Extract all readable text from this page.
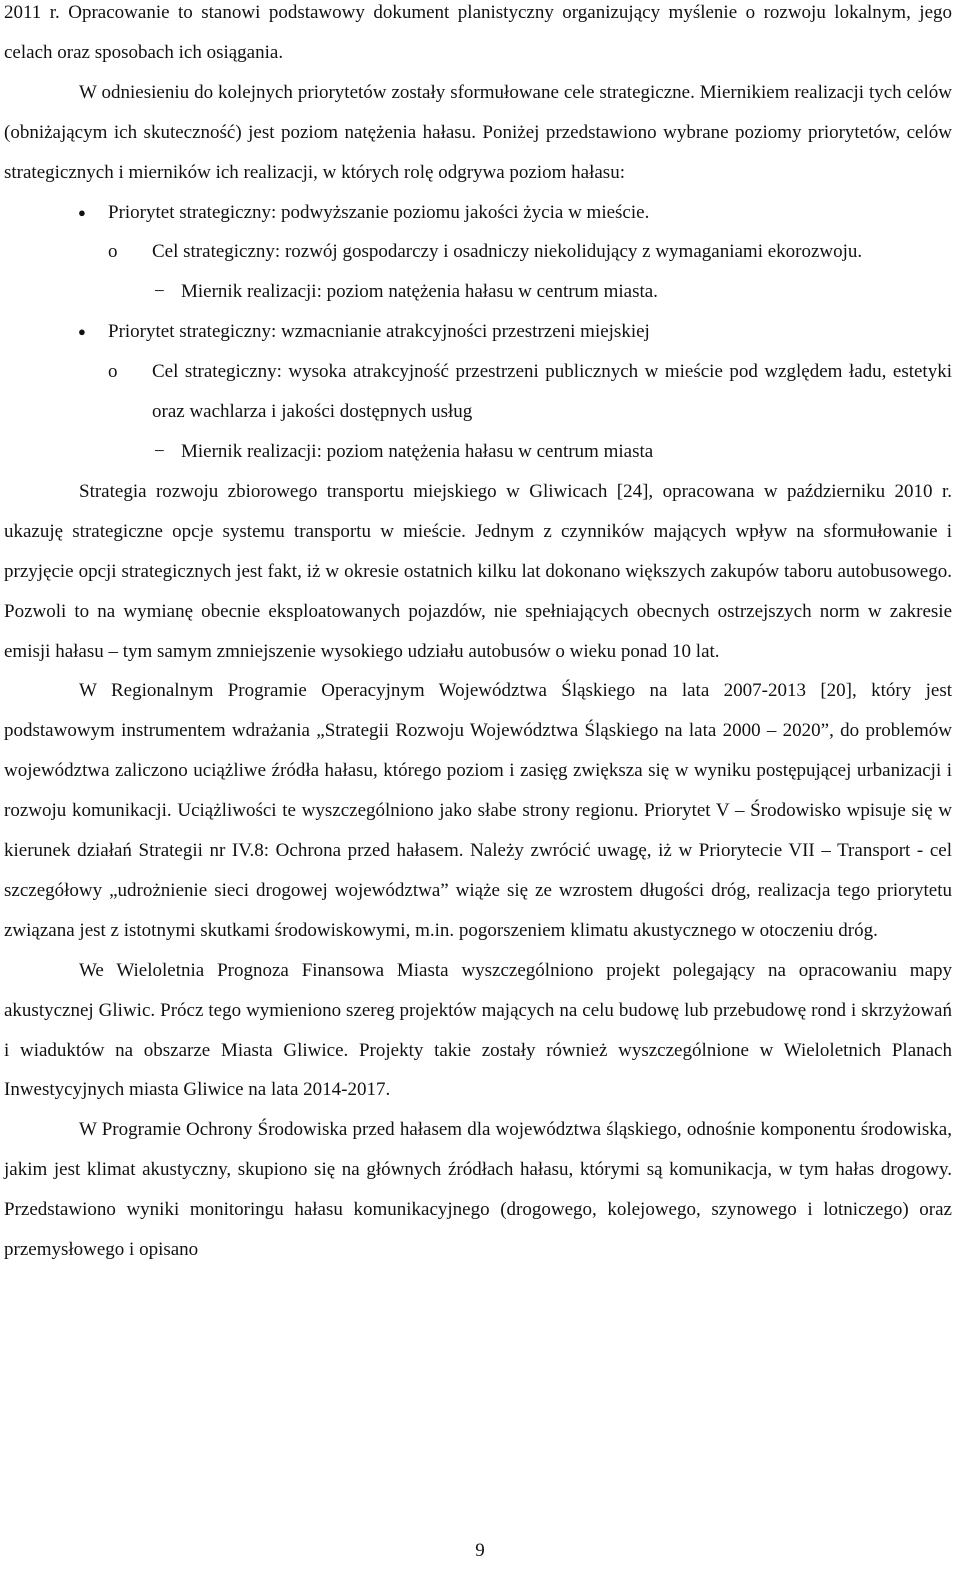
2011 r. Opracowanie to stanowi podstawowy dokument planistyczny organizujący myślenie o rozwoju lokalnym, jego celach oraz sposobach ich osiągania.

W odniesieniu do kolejnych priorytetów zostały sformułowane cele strategiczne. Miernikiem realizacji tych celów (obniżającym ich skuteczność) jest poziom natężenia hałasu. Poniżej przedstawiono wybrane poziomy priorytetów, celów strategicznych i mierników ich realizacji, w których rolę odgrywa poziom hałasu:

● Priorytet strategiczny: podwyższanie poziomu jakości życia w mieście.

o Cel strategiczny: rozwój gospodarczy i osadniczy niekolidujący z wymaganiami ekorozwoju.

− Miernik realizacji: poziom natężenia hałasu w centrum miasta.

● Priorytet strategiczny: wzmacnianie atrakcyjności przestrzeni miejskiej

o Cel strategiczny: wysoka atrakcyjność przestrzeni publicznych w mieście pod względem ładu, estetyki oraz wachlarza i jakości dostępnych usług

− Miernik realizacji: poziom natężenia hałasu w centrum miasta

Strategia rozwoju zbiorowego transportu miejskiego w Gliwicach [24], opracowana w październiku 2010 r. ukazuję strategiczne opcje systemu transportu w mieście. Jednym z czynników mających wpływ na sformułowanie i przyjęcie opcji strategicznych jest fakt, iż w okresie ostatnich kilku lat dokonano większych zakupów taboru autobusowego. Pozwoli to na wymianę obecnie eksploatowanych pojazdów, nie spełniających obecnych ostrzejszych norm w zakresie emisji hałasu – tym samym zmniejszenie wysokiego udziału autobusów o wieku ponad 10 lat.

W Regionalnym Programie Operacyjnym Województwa Śląskiego na lata 2007-2013 [20], który jest podstawowym instrumentem wdrażania „Strategii Rozwoju Województwa Śląskiego na lata 2000 – 2020”, do problemów województwa zaliczono uciążliwe źródła hałasu, którego poziom i zasięg zwiększa się w wyniku postępującej urbanizacji i rozwoju komunikacji. Uciążliwości te wyszczególniono jako słabe strony regionu. Priorytet V – Środowisko wpisuje się w kierunek działań Strategii nr IV.8: Ochrona przed hałasem. Należy zwrócić uwagę, iż w Priorytecie VII – Transport - cel szczegółowy „udrożnienie sieci drogowej województwa” wiąże się ze wzrostem długości dróg, realizacja tego priorytetu związana jest z istotnymi skutkami środowiskowymi, m.in. pogorszeniem klimatu akustycznego w otoczeniu dróg.

We Wieloletnia Prognoza Finansowa Miasta wyszczególniono projekt polegający na opracowaniu mapy akustycznej Gliwic. Prócz tego wymieniono szereg projektów mających na celu budowę lub przebudowę rond i skrzyżowań i wiaduktów na obszarze Miasta Gliwice. Projekty takie zostały również wyszczególnione w Wieloletnich Planach Inwestycyjnych miasta Gliwice na lata 2014-2017.

W Programie Ochrony Środowiska przed hałasem dla województwa śląskiego, odnośnie komponentu środowiska, jakim jest klimat akustyczny, skupiono się na głównych źródłach hałasu, którymi są komunikacja, w tym hałas drogowy. Przedstawiono wyniki monitoringu hałasu komunikacyjnego (drogowego, kolejowego, szynowego i lotniczego) oraz przemysłowego i opisano

9
